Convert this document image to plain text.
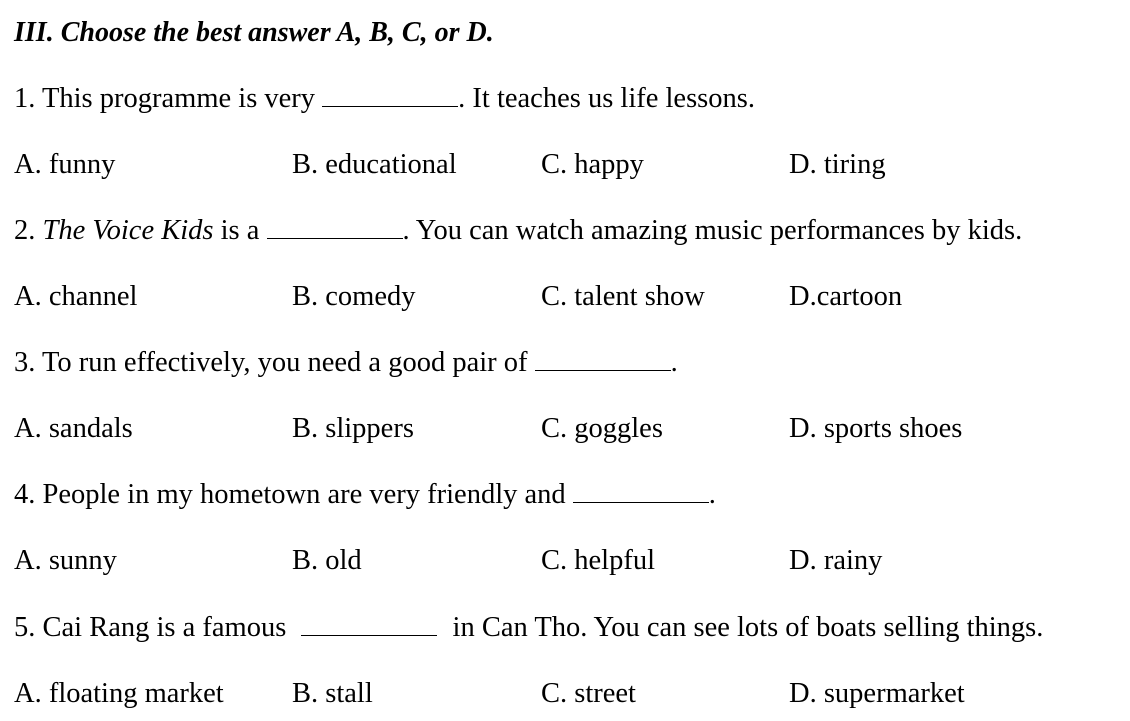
III. Choose the best answer A, B, C, or D.
1. This programme is very	. It teaches us life lessons.
A. funny	B. educational	C. happy	D. tiring
2. The Voice Kids is a	. You can watch amazing music performances by kids.
A. channel	B. comedy	C. talent show	D.cartoon
3. To run effectively, you need a good pair of	.
A. sandals	B. slippers	C. goggles	D. sports shoes
4. People in my hometown are very friendly and	.
A. sunny	B. old	C. helpful	D. rainy
5. Cai Rang is a famous	in Can Tho. You can see lots of boats selling things.
A. floating market B. stall	C. street	D. supermarket
